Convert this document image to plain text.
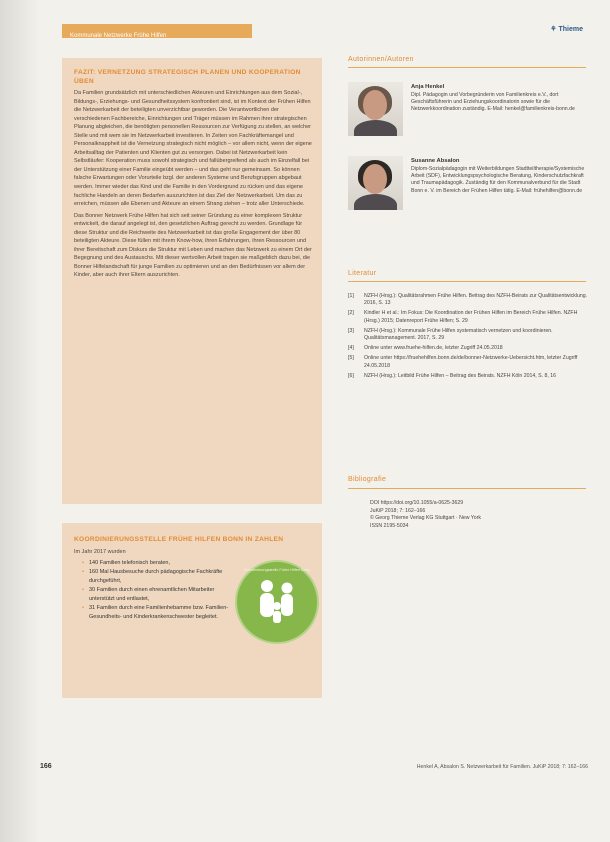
Kommunale Netzwerke Frühe Hilfen
⚘ Thieme
FAZIT: VERNETZUNG STRATEGISCH PLANEN UND KOOPERATION ÜBEN
Da Familien grundsätzlich mit unterschiedlichen Akteuren und Einrichtungen aus dem Sozial-, Bildungs-, Erziehungs- und Gesundheitssystem konfrontiert sind, ist im Kontext der Frühen Hilfen die Netzwerkarbeit der beteiligten unverzichtbar geworden. Die Verantwortlichen der verschiedenen Fachbereiche, Einrichtungen und Träger müssen im Rahmen ihrer strategischen Planung abgleichen, die benötigten personellen Ressourcen zur Verfügung zu stellen, an welcher Stelle und mit wem sie im Netzwerkarbeit investieren. In Zeiten von Fachkräftemangel und Personalknappheit ist die Vernetzung strategisch nicht möglich – vor allem nicht, wenn der eigene Arbeitsalltag der Patienten und Klienten gut zu versorgen. Dabei ist Netzwerkarbeit kein Selbstläufer: Kooperation muss sowohl strategisch und fallübergreifend als auch im Einzelfall bei der Unterstützung einer Familie eingeübt werden – und das geht nur gemeinsam. So können falsche Erwartungen oder Vorurteile bzgl. der anderen Systeme und Berufsgruppen abgebaut werden. Immer wieder das Kind und die Familie in den Vordergrund zu rücken und das eigene fachliche Handeln an deren Bedarfen auszurichten ist das Ziel der Netzwerkarbeit. Um das zu erreichen, müssen alle Ebenen und Akteure an einem Strang ziehen – trotz aller Unterschiede.
Das Bonner Netzwerk Frühe Hilfen hat sich seit seiner Gründung zu einer komplexen Struktur entwickelt, die darauf angelegt ist, den gesetzlichen Auftrag gerecht zu werden. Grundlage für diese Struktur und die Reichweite des Netzwerkarbeit ist das große Engagement der über 80 beteiligten Akteure. Diese füllen mit ihrem Know-how, ihren Erfahrungen, ihren Ressourcen und ihrer Bereitschaft zum Diskurs die Struktur mit Leben und machen das Netzwerk zu einem Ort der Begegnung und des Austauschs. Mit dieser wertvollen Arbeit tragen sie maßgeblich dazu bei, die Bonner Hilfelandschaft für junge Familien zu optimieren und an den Bedürfnissen vor allem der Kinder, aber auch ihrer Eltern auszurichten.
KOORDINIERUNGSSTELLE FRÜHE HILFEN BONN IN ZAHLEN
Im Jahr 2017 wurden
• 140 Familien telefonisch beraten,
• 160 Mal Hausbesuche durch pädagogische Fachkräfte durchgeführt,
• 30 Familien durch einen ehrenamtlichen Mitarbeiter unterstützt und entlastet,
• 31 Familien durch eine Familienhebamme bzw. Familien-Gesundheits- und Kinderkrankenschwester begleitet.
Koordinierungsstelle Frühe Hilfen Bonn
Autorinnen/Autoren
Anja Henkel
Dipl. Pädagogin und Vorbegründerin von Familienkreis e.V., dort Geschäftsführerin und Erziehungskoordinatorin sowie für die Netzwerkkoordination zuständig. E-Mail: henkel@familienkreis-bonn.de
Susanne Absalon
Diplom-Sozialpädagogin mit Weiterbildungen Stadtteiltherapie/Systemische Arbeit (SDF), Entwicklungspsychologische Beratung, Kinderschutzfachkraft und Traumapädagogik. Zuständig für den Kommunalverbund für die Stadt Bonn e. V. im Bereich der Frühen Hilfen tätig. E-Mail: frühehilfen@bonn.de
Literatur
[1] NZFH (Hrsg.): Qualitätsrahmen Frühe Hilfen. Beitrag des NZFH-Beirats zur Qualitätsentwicklung. 2016, S. 13
[2] Kindler H et al.: Im Fokus: Die Koordination der Frühen Hilfen im Bereich Frühe Hilfen. NZFH (Hrsg.) 2015; Datenreport Frühe Hilfen; S. 29
[3] NZFH (Hrsg.): Kommunale Frühe Hilfen systematisch vernetzen und koordinieren. Qualitätsmanagement. 2017, S. 29
[4] Online unter www.fruehe-hilfen.de, letzter Zugriff 24.05.2018
[5] Online unter https://fruehehilfen.bonn.de/de/bonner-Netzwerke-Uebersicht.htm, letzter Zugriff 24.05.2018
[6] NZFH (Hrsg.): Leitbild Frühe Hilfen – Beitrag des Beirats. NZFH Köln 2014, S. 8, 16
Bibliografie
DOI https://doi.org/10.1055/a-0625-3629
JuKiP 2018; 7: 162–166
© Georg Thieme Verlag KG Stuttgart · New York
ISSN 2195-5034
166	Henkel A, Absalon S. Netzwerkarbeit für Familien. JuKiP 2018; 7: 162–166
